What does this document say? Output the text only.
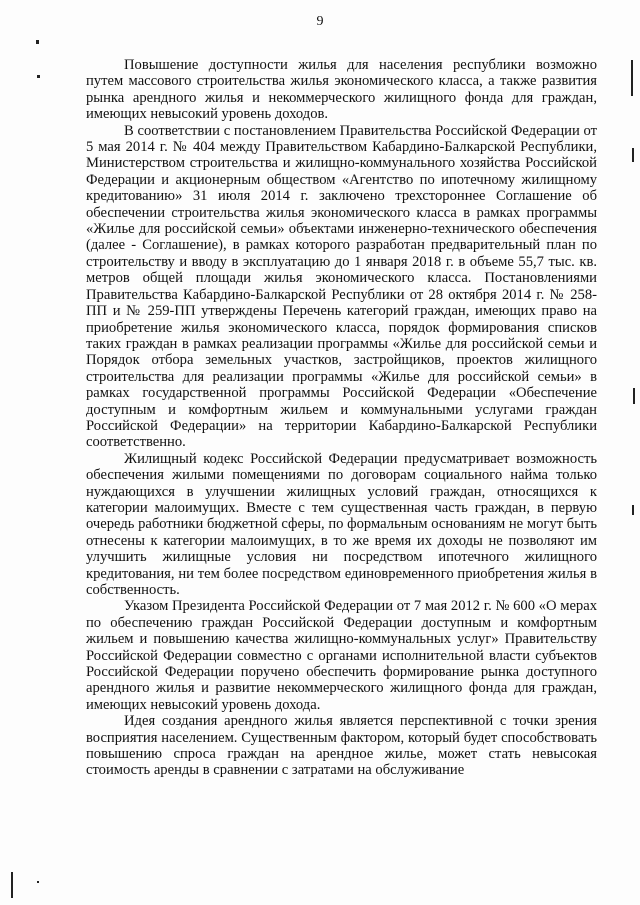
9

Повышение доступности жилья для населения республики возможно путем массового строительства жилья экономического класса, а также развития рынка арендного жилья и некоммерческого жилищного фонда для граждан, имеющих невысокий уровень доходов.

В соответствии с постановлением Правительства Российской Федерации от 5 мая 2014 г. № 404 между Правительством Кабардино-Балкарской Республики, Министерством строительства и жилищно-коммунального хозяйства Российской Федерации и акционерным обществом «Агентство по ипотечному жилищному кредитованию» 31 июля 2014 г. заключено трехстороннее Соглашение об обеспечении строительства жилья экономического класса в рамках программы «Жилье для российской семьи» объектами инженерно-технического обеспечения (далее - Соглашение), в рамках которого разработан предварительный план по строительству и вводу в эксплуатацию до 1 января 2018 г. в объеме 55,7 тыс. кв. метров общей площади жилья экономического класса. Постановлениями Правительства Кабардино-Балкарской Республики от 28 октября 2014 г. № 258-ПП и № 259-ПП утверждены Перечень категорий граждан, имеющих право на приобретение жилья экономического класса, порядок формирования списков таких граждан в рамках реализации программы «Жилье для российской семьи и Порядок отбора земельных участков, застройщиков, проектов жилищного строительства для реализации программы «Жилье для российской семьи» в рамках государственной программы Российской Федерации «Обеспечение доступным и комфортным жильем и коммунальными услугами граждан Российской Федерации» на территории Кабардино-Балкарской Республики соответственно.

Жилищный кодекс Российской Федерации предусматривает возможность обеспечения жилыми помещениями по договорам социального найма только нуждающихся в улучшении жилищных условий граждан, относящихся к категории малоимущих. Вместе с тем существенная часть граждан, в первую очередь работники бюджетной сферы, по формальным основаниям не могут быть отнесены к категории малоимущих, в то же время их доходы не позволяют им улучшить жилищные условия ни посредством ипотечного жилищного кредитования, ни тем более посредством единовременного приобретения жилья в собственность.

Указом Президента Российской Федерации от 7 мая 2012 г. № 600 «О мерах по обеспечению граждан Российской Федерации доступным и комфортным жильем и повышению качества жилищно-коммунальных услуг» Правительству Российской Федерации совместно с органами исполнительной власти субъектов Российской Федерации поручено обеспечить формирование рынка доступного арендного жилья и развитие некоммерческого жилищного фонда для граждан, имеющих невысокий уровень дохода.

Идея создания арендного жилья является перспективной с точки зрения восприятия населением. Существенным фактором, который будет способствовать повышению спроса граждан на арендное жилье, может стать невысокая стоимость аренды в сравнении с затратами на обслуживание
